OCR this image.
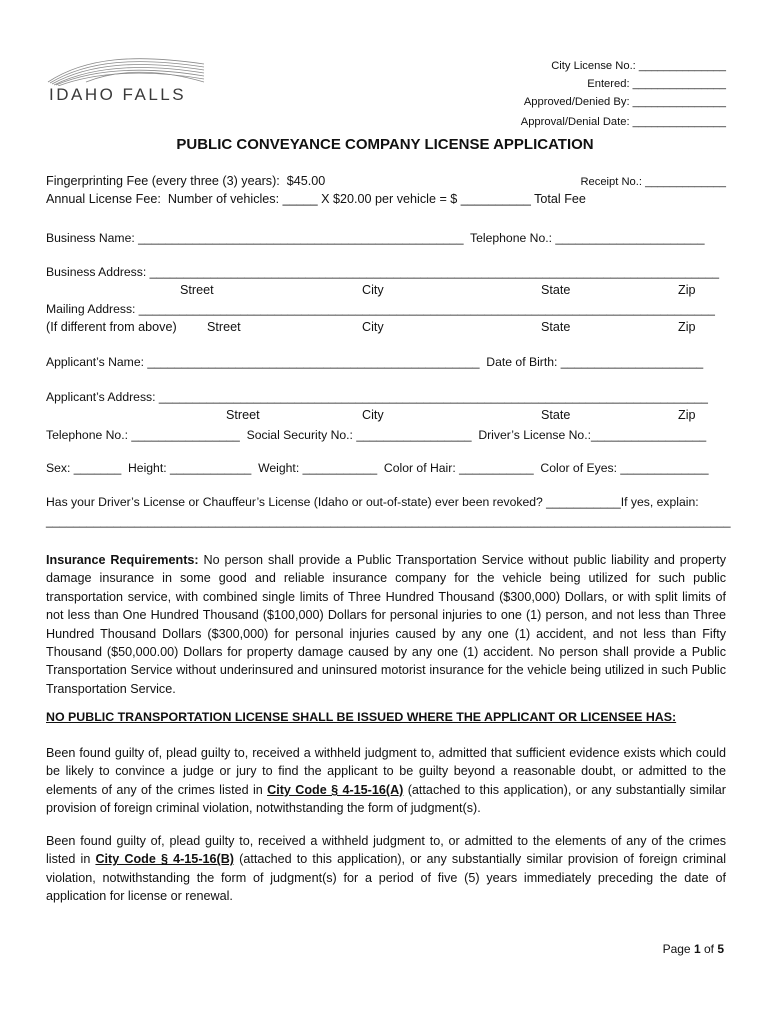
IDAHO FALLS
City License No.: ______________
Entered: _______________
Approved/Denied By: _______________
Approval/Denial Date: _______________
PUBLIC CONVEYANCE COMPANY LICENSE APPLICATION
Fingerprinting Fee (every three (3) years):  $45.00	Receipt No.: _____________
Annual License Fee:  Number of vehicles: _____ X $20.00 per vehicle = $ __________ Total Fee
Business Name: ________________________________________________  Telephone No.: ______________________
Business Address: ____________________________________________________________________________________
Street	City	State	Zip
Mailing Address: _____________________________________________________________________________________
(If different from above) Street	City	State	Zip
Applicant’s Name: _________________________________________________  Date of Birth: _____________________
Applicant’s Address: _________________________________________________________________________________
Street	City	State	Zip
Telephone No.: ________________  Social Security No.: _________________  Driver’s License No.:_________________
Sex: _______  Height: ____________  Weight: ___________  Color of Hair: ___________  Color of Eyes: _____________
Has your Driver’s License or Chauffeur’s License (Idaho or out-of-state) ever been revoked? ___________If yes, explain:
_____________________________________________________________________________________________________
Insurance Requirements: No person shall provide a Public Transportation Service without public liability and property damage insurance in some good and reliable insurance company for the vehicle being utilized for such public transportation service, with combined single limits of Three Hundred Thousand ($300,000) Dollars, or with split limits of not less than One Hundred Thousand ($100,000) Dollars for personal injuries to one (1) person, and not less than Three Hundred Thousand Dollars ($300,000) for personal injuries caused by any one (1) accident, and not less than Fifty Thousand ($50,000.00) Dollars for property damage caused by any one (1) accident. No person shall provide a Public Transportation Service without underinsured and uninsured motorist insurance for the vehicle being utilized in such Public Transportation Service.
NO PUBLIC TRANSPORTATION LICENSE SHALL BE ISSUED WHERE THE APPLICANT OR LICENSEE HAS:
Been found guilty of, plead guilty to, received a withheld judgment to, admitted that sufficient evidence exists which could be likely to convince a judge or jury to find the applicant to be guilty beyond a reasonable doubt, or admitted to the elements of any of the crimes listed in City Code § 4-15-16(A) (attached to this application), or any substantially similar provision of foreign criminal violation, notwithstanding the form of judgment(s).
Been found guilty of, plead guilty to, received a withheld judgment to, or admitted to the elements of any of the crimes listed in City Code § 4-15-16(B) (attached to this application), or any substantially similar provision of foreign criminal violation, notwithstanding the form of judgment(s) for a period of five (5) years immediately preceding the date of application for license or renewal.
Page 1 of 5
